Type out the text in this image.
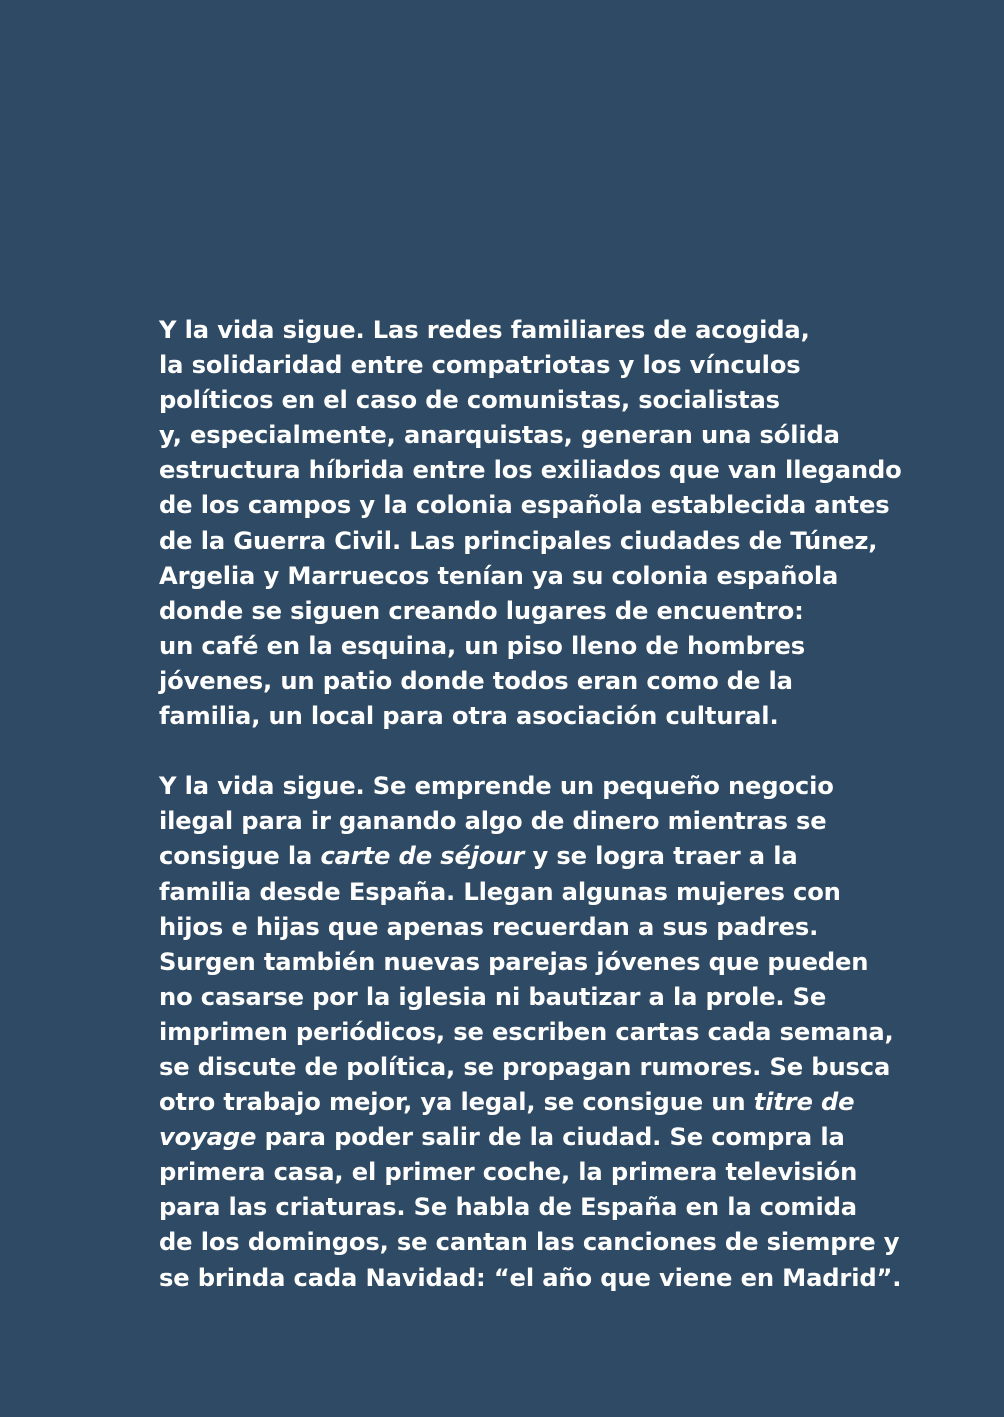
Y la vida sigue. Las redes familiares de acogida,
la solidaridad entre compatriotas y los vínculos
políticos en el caso de comunistas, socialistas
y, especialmente, anarquistas, generan una sólida
estructura híbrida entre los exiliados que van llegando
de los campos y la colonia española establecida antes
de la Guerra Civil. Las principales ciudades de Túnez,
Argelia y Marruecos tenían ya su colonia española
donde se siguen creando lugares de encuentro:
un café en la esquina, un piso lleno de hombres
jóvenes, un patio donde todos eran como de la
familia, un local para otra asociación cultural.

Y la vida sigue. Se emprende un pequeño negocio
ilegal para ir ganando algo de dinero mientras se
consigue la carte de séjour y se logra traer a la
familia desde España. Llegan algunas mujeres con
hijos e hijas que apenas recuerdan a sus padres.
Surgen también nuevas parejas jóvenes que pueden
no casarse por la iglesia ni bautizar a la prole. Se
imprimen periódicos, se escriben cartas cada semana,
se discute de política, se propagan rumores. Se busca
otro trabajo mejor, ya legal, se consigue un titre de
voyage para poder salir de la ciudad. Se compra la
primera casa, el primer coche, la primera televisión
para las criaturas. Se habla de España en la comida
de los domingos, se cantan las canciones de siempre y
se brinda cada Navidad: “el año que viene en Madrid”.
